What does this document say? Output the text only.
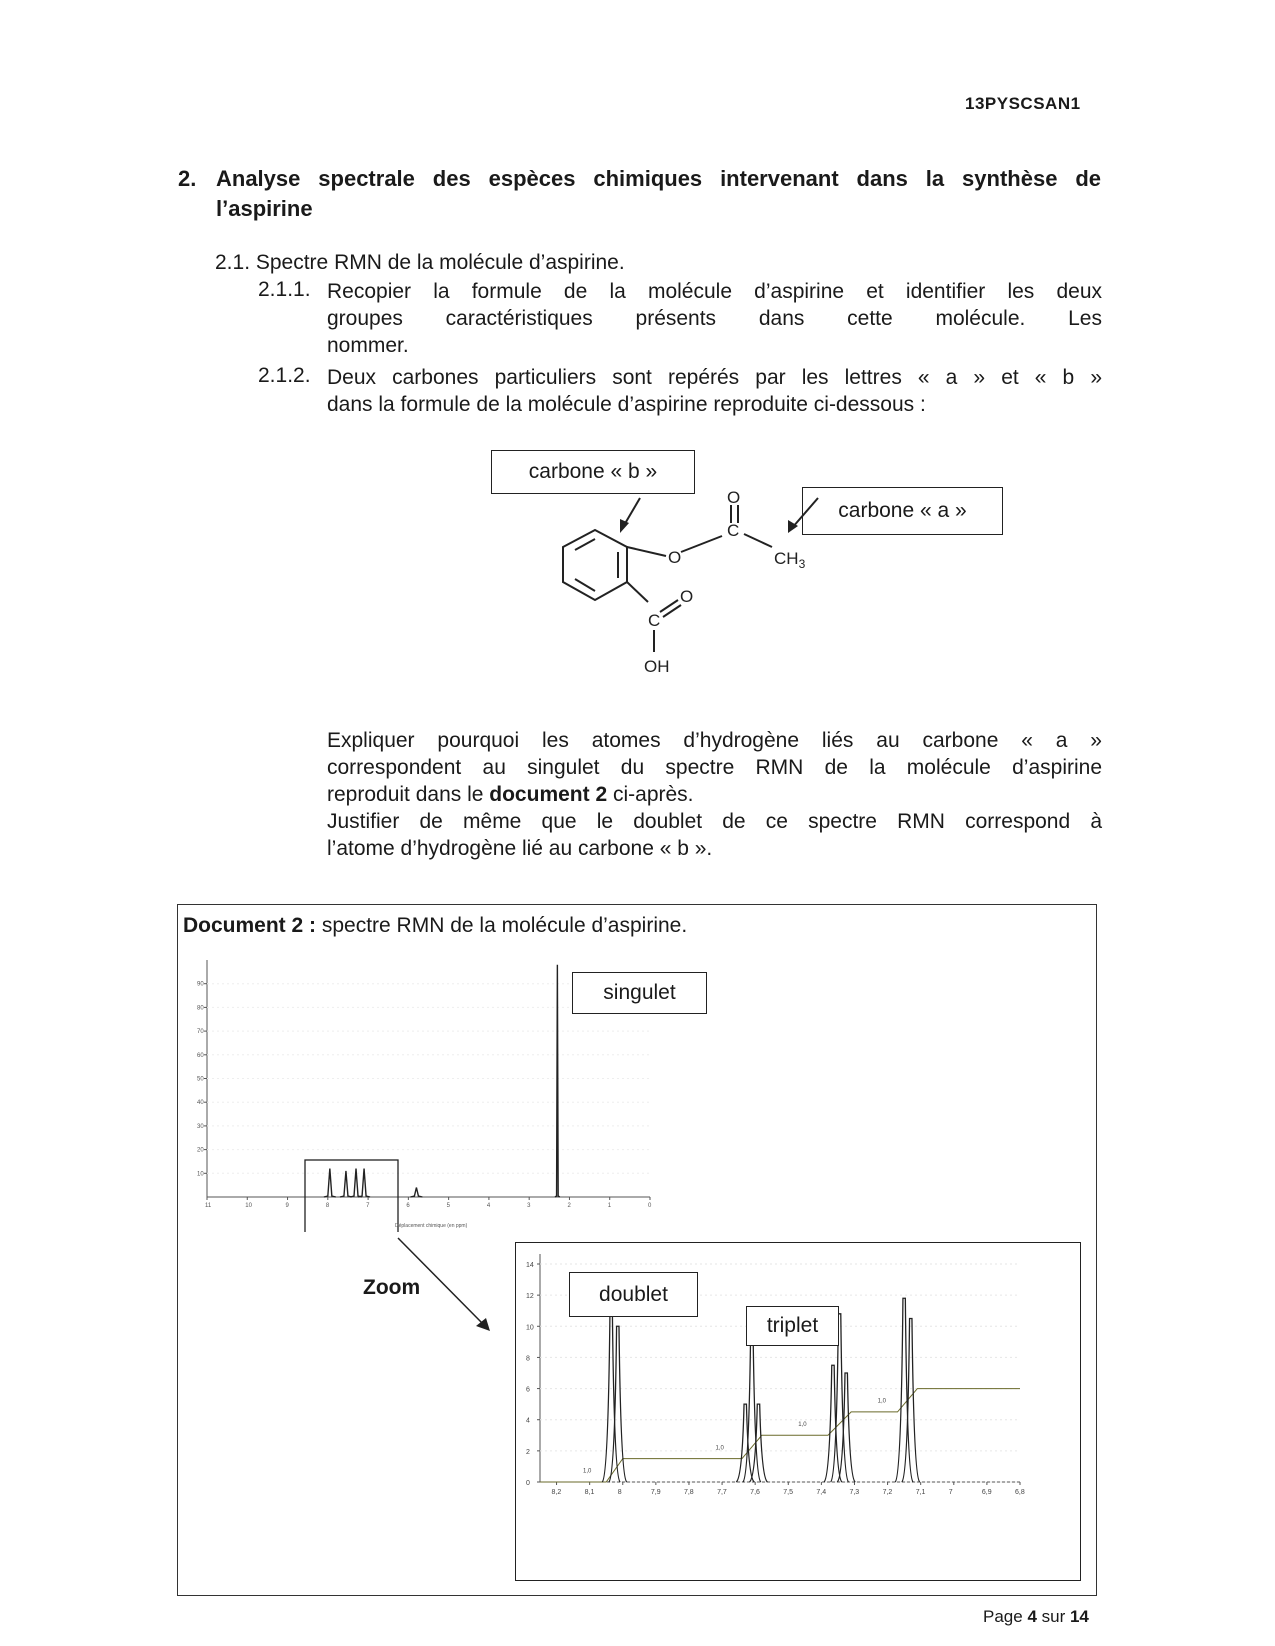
13PYSCSAN1
2. Analyse spectrale des espèces chimiques intervenant dans la synthèse de
l’aspirine
2.1. Spectre RMN de la molécule d’aspirine.
2.1.1. Recopier la formule de la molécule d’aspirine et identifier les deux
groupes caractéristiques présents dans cette molécule. Les
nommer.
2.1.2. Deux carbones particuliers sont repérés par les lettres « a » et « b »
dans la formule de la molécule d’aspirine reproduite ci-dessous :
carbone « b »
carbone « a »
O
C
O	$CH_3$
C
O
OH
Expliquer pourquoi les atomes d’hydrogène liés au carbone « a »
correspondent au singulet du spectre RMN de la molécule d’aspirine
reproduit dans le document 2 ci-après.
Justifier de même que le doublet de ce spectre RMN correspond à
l’atome d’hydrogène lié au carbone « b ».
Document 2 : spectre RMN de la molécule d’aspirine.
90
80
70
60
50
40
30
20
10
11	10	9	8	7	6	5	4	3	2	1	0
Déplacement chimique (en ppm)
singulet
Zoom
14
12
10
8
6
4
2
0
8,2	8,1	8	7,9	7,8	7,7	7,6	7,5	7,4	7,3	7,2	7,1	7	6,9	6,8
1,0
1,0
1,0
1,0
doublet
triplet
Page 4 sur 14
